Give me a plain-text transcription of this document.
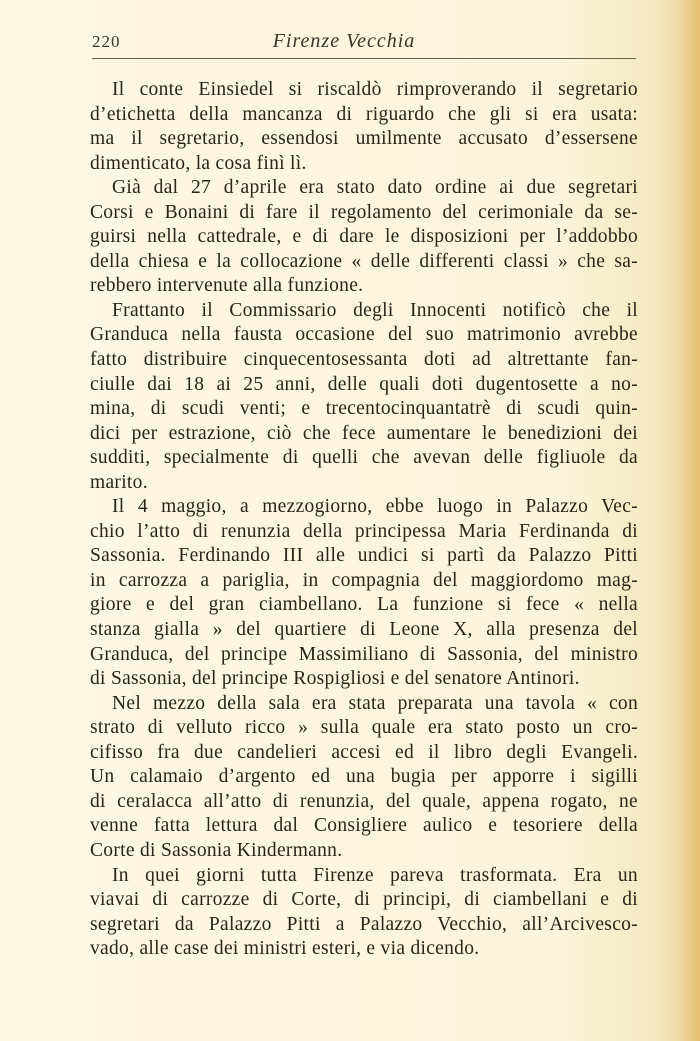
220	Firenze Vecchia
Il conte Einsiedel si riscaldò rimproverando il segretario
d’etichetta della mancanza di riguardo che gli si era usata:
ma il segretario, essendosi umilmente accusato d’essersene
dimenticato, la cosa finì lì.
Già dal 27 d’aprile era stato dato ordine ai due segretari
Corsi e Bonaini di fare il regolamento del cerimoniale da se-
guirsi nella cattedrale, e di dare le disposizioni per l’addobbo
della chiesa e la collocazione « delle differenti classi » che sa-
rebbero intervenute alla funzione.
Frattanto il Commissario degli Innocenti notificò che il
Granduca nella fausta occasione del suo matrimonio avrebbe
fatto distribuire cinquecentosessanta doti ad altrettante fan-
ciulle dai 18 ai 25 anni, delle quali doti dugentosette a no-
mina, di scudi venti; e trecentocinquantatrè di scudi quin-
dici per estrazione, ciò che fece aumentare le benedizioni dei
sudditi, specialmente di quelli che avevan delle figliuole da
marito.
Il 4 maggio, a mezzogiorno, ebbe luogo in Palazzo Vec-
chio l’atto di renunzia della principessa Maria Ferdinanda di
Sassonia. Ferdinando III alle undici si partì da Palazzo Pitti
in carrozza a pariglia, in compagnia del maggiordomo mag-
giore e del gran ciambellano. La funzione si fece « nella
stanza gialla » del quartiere di Leone X, alla presenza del
Granduca, del principe Massimiliano di Sassonia, del ministro
di Sassonia, del principe Rospigliosi e del senatore Antinori.
Nel mezzo della sala era stata preparata una tavola « con
strato di velluto ricco » sulla quale era stato posto un cro-
cifisso fra due candelieri accesi ed il libro degli Evangeli.
Un calamaio d’argento ed una bugia per apporre i sigilli
di ceralacca all’atto di renunzia, del quale, appena rogato, ne
venne fatta lettura dal Consigliere aulico e tesoriere della
Corte di Sassonia Kindermann.
In quei giorni tutta Firenze pareva trasformata. Era un
viavai di carrozze di Corte, di principi, di ciambellani e di
segretari da Palazzo Pitti a Palazzo Vecchio, all’Arcivesco-
vado, alle case dei ministri esteri, e via dicendo.
